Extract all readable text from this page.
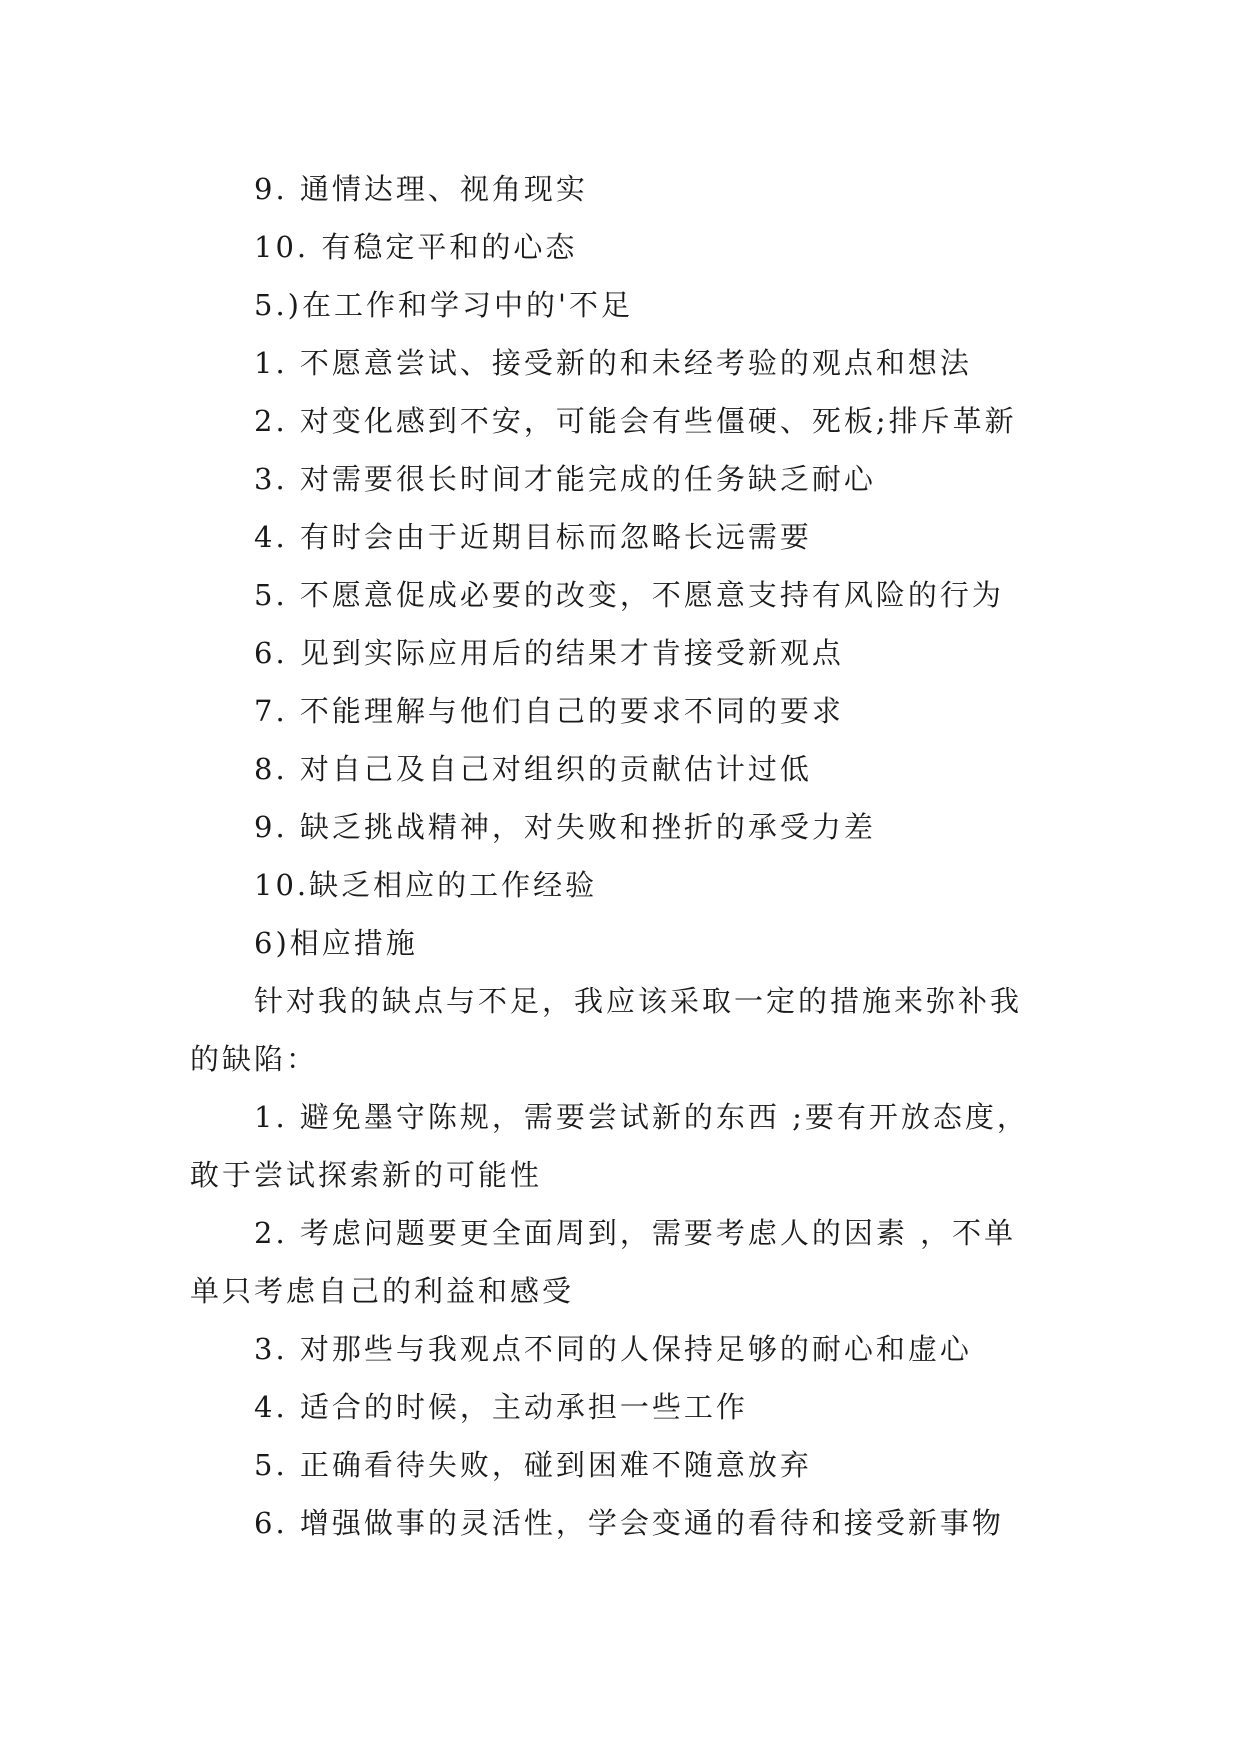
9. 通情达理、视角现实
10. 有稳定平和的心态
5.)在工作和学习中的'不足
1. 不愿意尝试、接受新的和未经考验的观点和想法
2. 对变化感到不安，可能会有些僵硬、死板;排斥革新
3. 对需要很长时间才能完成的任务缺乏耐心
4. 有时会由于近期目标而忽略长远需要
5. 不愿意促成必要的改变，不愿意支持有风险的行为
6. 见到实际应用后的结果才肯接受新观点
7. 不能理解与他们自己的要求不同的要求
8. 对自己及自己对组织的贡献估计过低
9. 缺乏挑战精神，对失败和挫折的承受力差
10.缺乏相应的工作经验
6)相应措施
针对我的缺点与不足，我应该采取一定的措施来弥补我
的缺陷：
1. 避免墨守陈规，需要尝试新的东西 ;要有开放态度，
敢于尝试探索新的可能性
2. 考虑问题要更全面周到，需要考虑人的因素 ，不单
单只考虑自己的利益和感受
3. 对那些与我观点不同的人保持足够的耐心和虚心
4. 适合的时候，主动承担一些工作
5. 正确看待失败，碰到困难不随意放弃
6. 增强做事的灵活性，学会变通的看待和接受新事物
